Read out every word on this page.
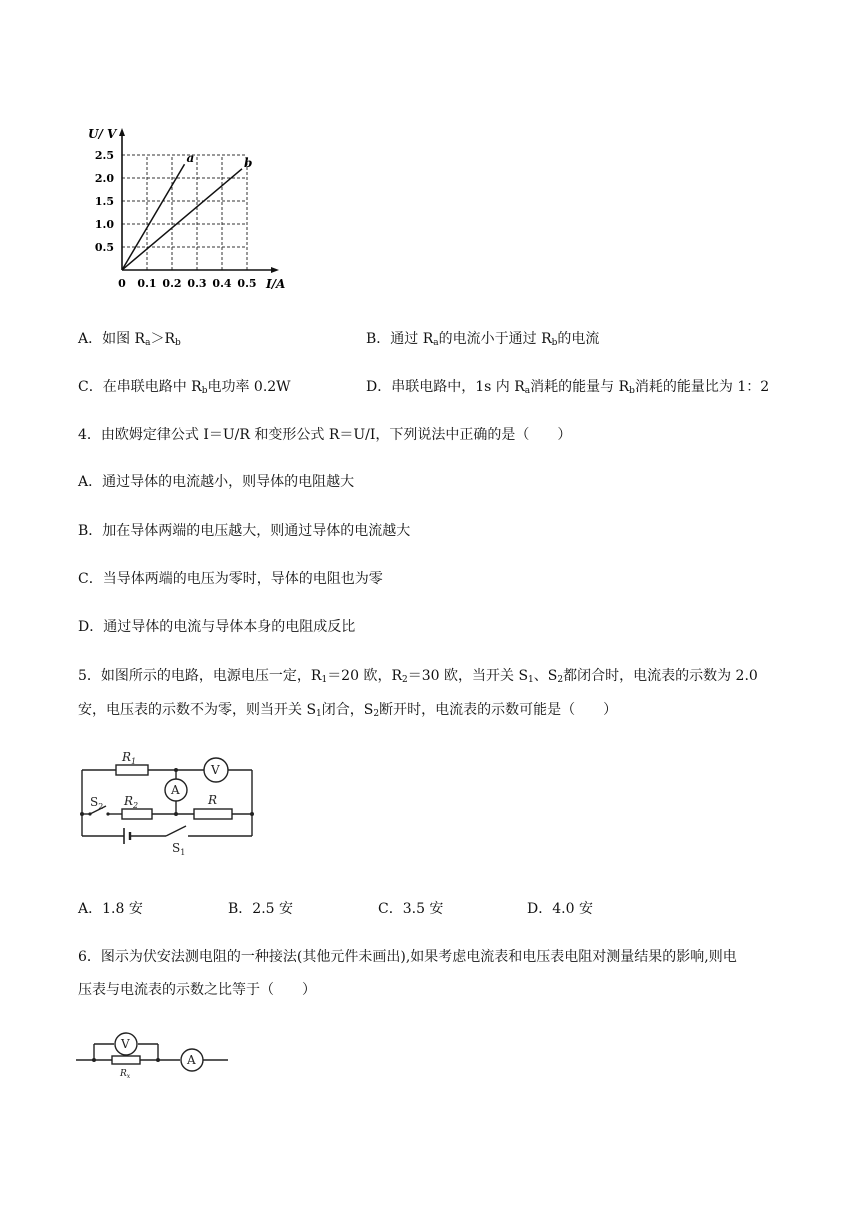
0 0.1 0.2 0.3 0.4 0.5
0.5
1.0
1.5
2.0
2.5	a	b
U/ V
I/A
A．如图 $R_a>R_b$	B．通过 $R_a$的电流小于通过 $R_b$的电流
C．在串联电路中 $R_b$电功率 0.2W	D．串联电路中，1s 内 $R_a$消耗的能量与 $R_b$消耗的能量比为 1：2
4．由欧姆定律公式 I＝U/R 和变形公式 R＝U/I，下列说法中正确的是（　　）
A．通过导体的电流越小，则导体的电阻越大
B．加在导体两端的电压越大，则通过导体的电流越大
C．当导体两端的电压为零时，导体的电阻也为零
D．通过导体的电流与导体本身的电阻成反比
5．如图所示的电路，电源电压一定，$R_1=20$ 欧，$R_2=30$ 欧，当开关 $S_1$、$S_2$都闭合时，电流表的示数为 2.0
安，电压表的示数不为零，则当开关 $S_1$闭合，$S_2$断开时，电流表的示数可能是（　　）
$R_1$
$R_2$	R
V
A
$S_2$
$S_1$
A．1.8 安	B．2.5 安	C．3.5 安	D．4.0 安
6．图示为伏安法测电阻的一种接法(其他元件未画出),如果考虑电流表和电压表电阻对测量结果的影响,则电
压表与电流表的示数之比等于（　　）
V
A
$R_x$
